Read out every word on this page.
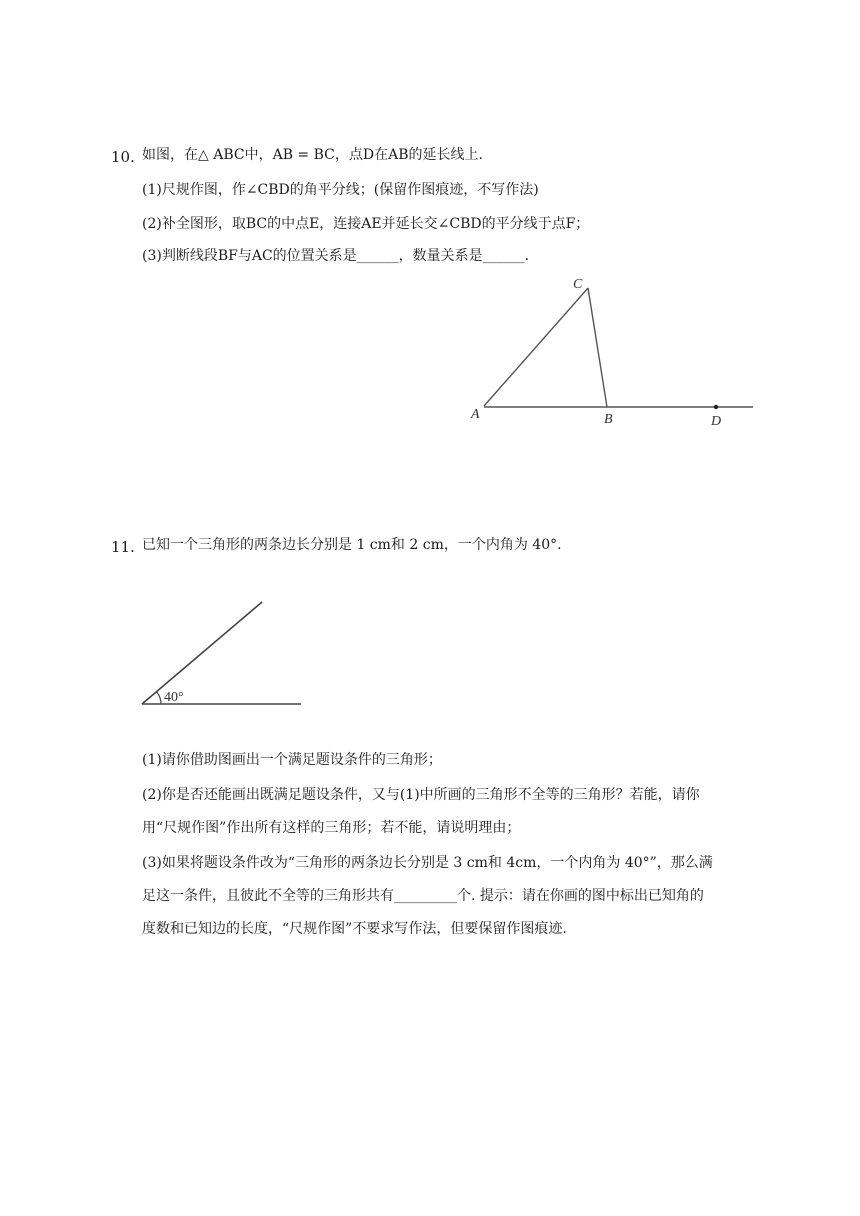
10. 如图，在△ ABC中，AB = BC，点D在AB的延长线上.
(1)尺规作图，作∠CBD的角平分线；(保留作图痕迹，不写作法)
(2)补全图形，取BC的中点E，连接AE并延长交∠CBD的平分线于点F；
(3)判断线段BF与AC的位置关系是______，数量关系是______.
A	B
C
D
11. 已知一个三角形的两条边长分别是 1 cm和 2 cm，一个内角为 40°.
40°
(1)请你借助图画出一个满足题设条件的三角形；
(2)你是否还能画出既满足题设条件，又与(1)中所画的三角形不全等的三角形？若能，请你
用“尺规作图”作出所有这样的三角形；若不能，请说明理由；
(3)如果将题设条件改为“三角形的两条边长分别是 3 cm和 4cm，一个内角为 40°”，那么满
足这一条件，且彼此不全等的三角形共有_________个. 提示：请在你画的图中标出已知角的
度数和已知边的长度，“尺规作图”不要求写作法，但要保留作图痕迹.
